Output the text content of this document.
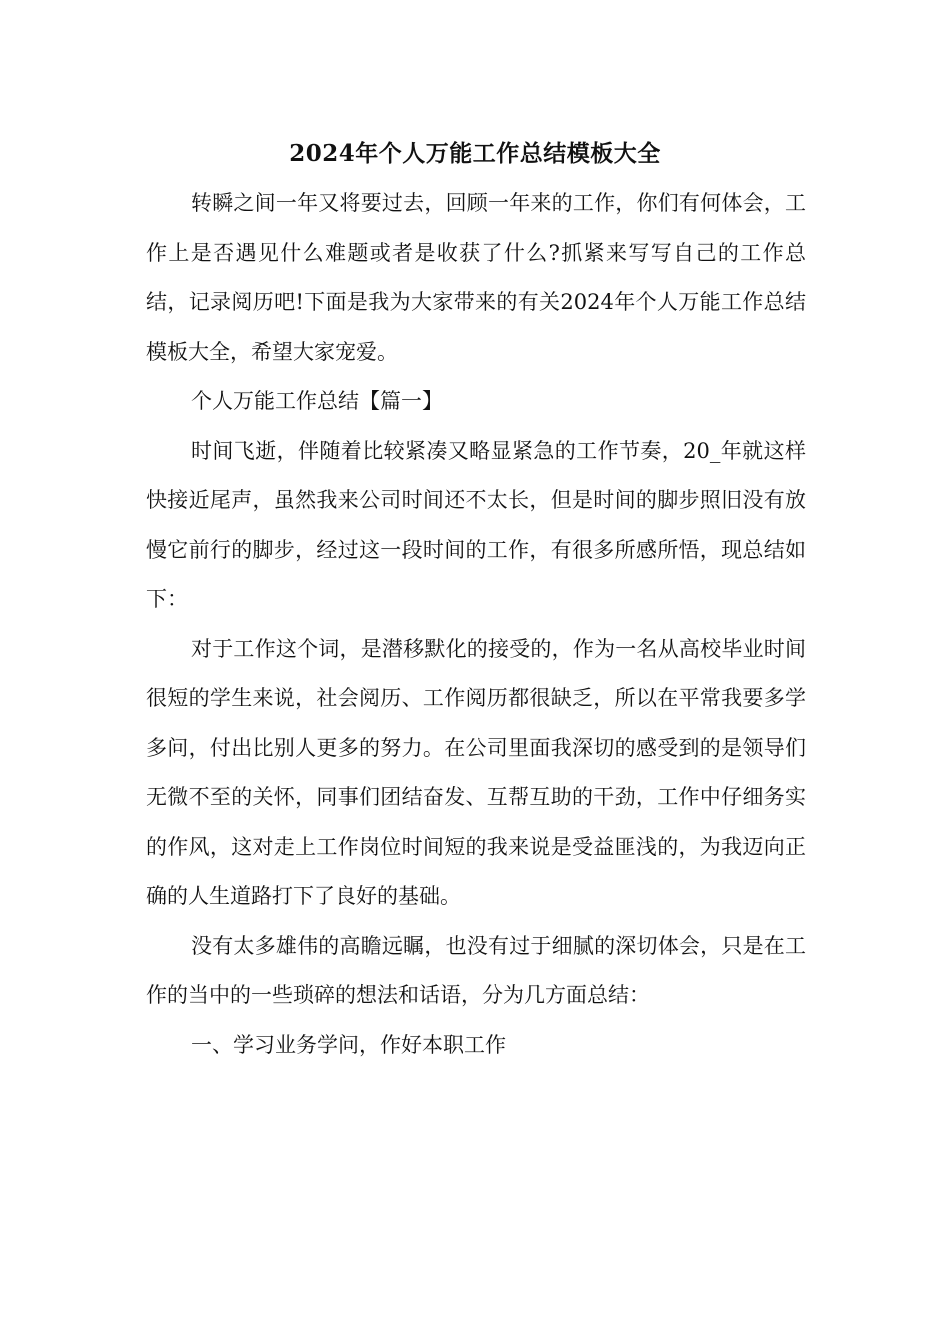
2024年个人万能工作总结模板大全

转瞬之间一年又将要过去，回顾一年来的工作，你们有何体会，工作上是否遇见什么难题或者是收获了什么?抓紧来写写自己的工作总结，记录阅历吧!下面是我为大家带来的有关2024年个人万能工作总结模板大全，希望大家宠爱。

个人万能工作总结【篇一】

时间飞逝，伴随着比较紧凑又略显紧急的工作节奏，20_年就这样快接近尾声，虽然我来公司时间还不太长，但是时间的脚步照旧没有放慢它前行的脚步，经过这一段时间的工作，有很多所感所悟，现总结如下：

对于工作这个词，是潜移默化的接受的，作为一名从高校毕业时间很短的学生来说，社会阅历、工作阅历都很缺乏，所以在平常我要多学多问，付出比别人更多的努力。在公司里面我深切的感受到的是领导们无微不至的关怀，同事们团结奋发、互帮互助的干劲，工作中仔细务实的作风，这对走上工作岗位时间短的我来说是受益匪浅的，为我迈向正确的人生道路打下了良好的基础。

没有太多雄伟的高瞻远瞩，也没有过于细腻的深切体会，只是在工作的当中的一些琐碎的想法和话语，分为几方面总结：

一、学习业务学问，作好本职工作
